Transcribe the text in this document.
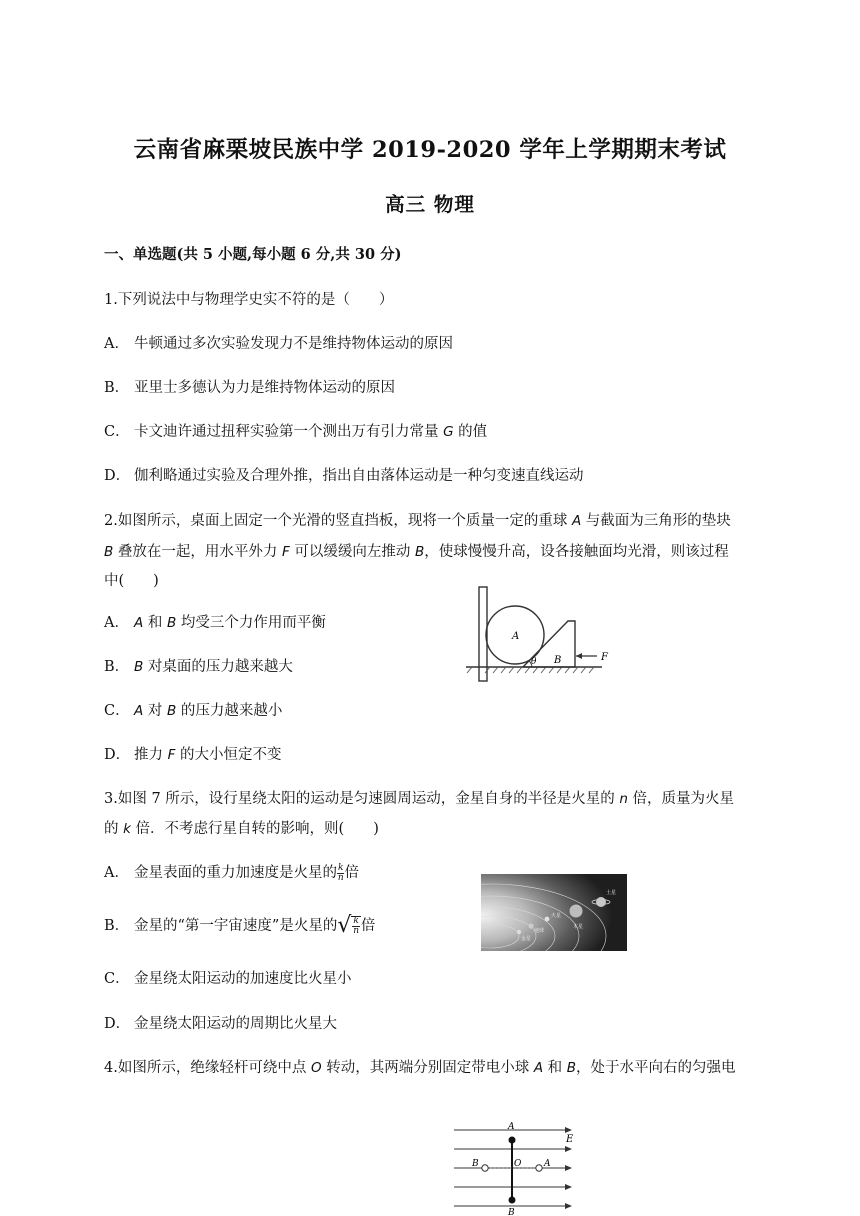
云南省麻栗坡民族中学 2019-2020 学年上学期期末考试
高三 物理
一、单选题(共 5 小题,每小题 6 分,共 30 分)
1.下列说法中与物理学史实不符的是（　　）
A． 牛顿通过多次实验发现力不是维持物体运动的原因
B． 亚里士多德认为力是维持物体运动的原因
C． 卡文迪许通过扭秤实验第一个测出万有引力常量 G 的值
D． 伽利略通过实验及合理外推，指出自由落体运动是一种匀变速直线运动
2.如图所示，桌面上固定一个光滑的竖直挡板，现将一个质量一定的重球 A 与截面为三角形的垫块
B 叠放在一起，用水平外力 F 可以缓缓向左推动 B，使球慢慢升高，设各接触面均光滑，则该过程
中(　　)
A． A 和 B 均受三个力作用而平衡
B． B 对桌面的压力越来越大
C． A 对 B 的压力越来越小
D． 推力 F 的大小恒定不变
A
B
θ	F
3.如图 7 所示，设行星绕太阳的运动是匀速圆周运动，金星自身的半径是火星的 n 倍，质量为火星
的 k 倍．不考虑行星自转的影响，则(　　)
A． 金星表面的重力加速度是火星的 $\frac{k}{n}$ 倍
B． 金星的“第一宇宙速度”是火星的 √ $\frac{k}{n}$ 倍
C． 金星绕太阳运动的加速度比火星小
D． 金星绕太阳运动的周期比火星大
土星
火星
木星
金星
地球
4.如图所示，绝缘轻杆可绕中点 O 转动，其两端分别固定带电小球 A 和 B，处于水平向右的匀强电
E
A
B
B	A
O
